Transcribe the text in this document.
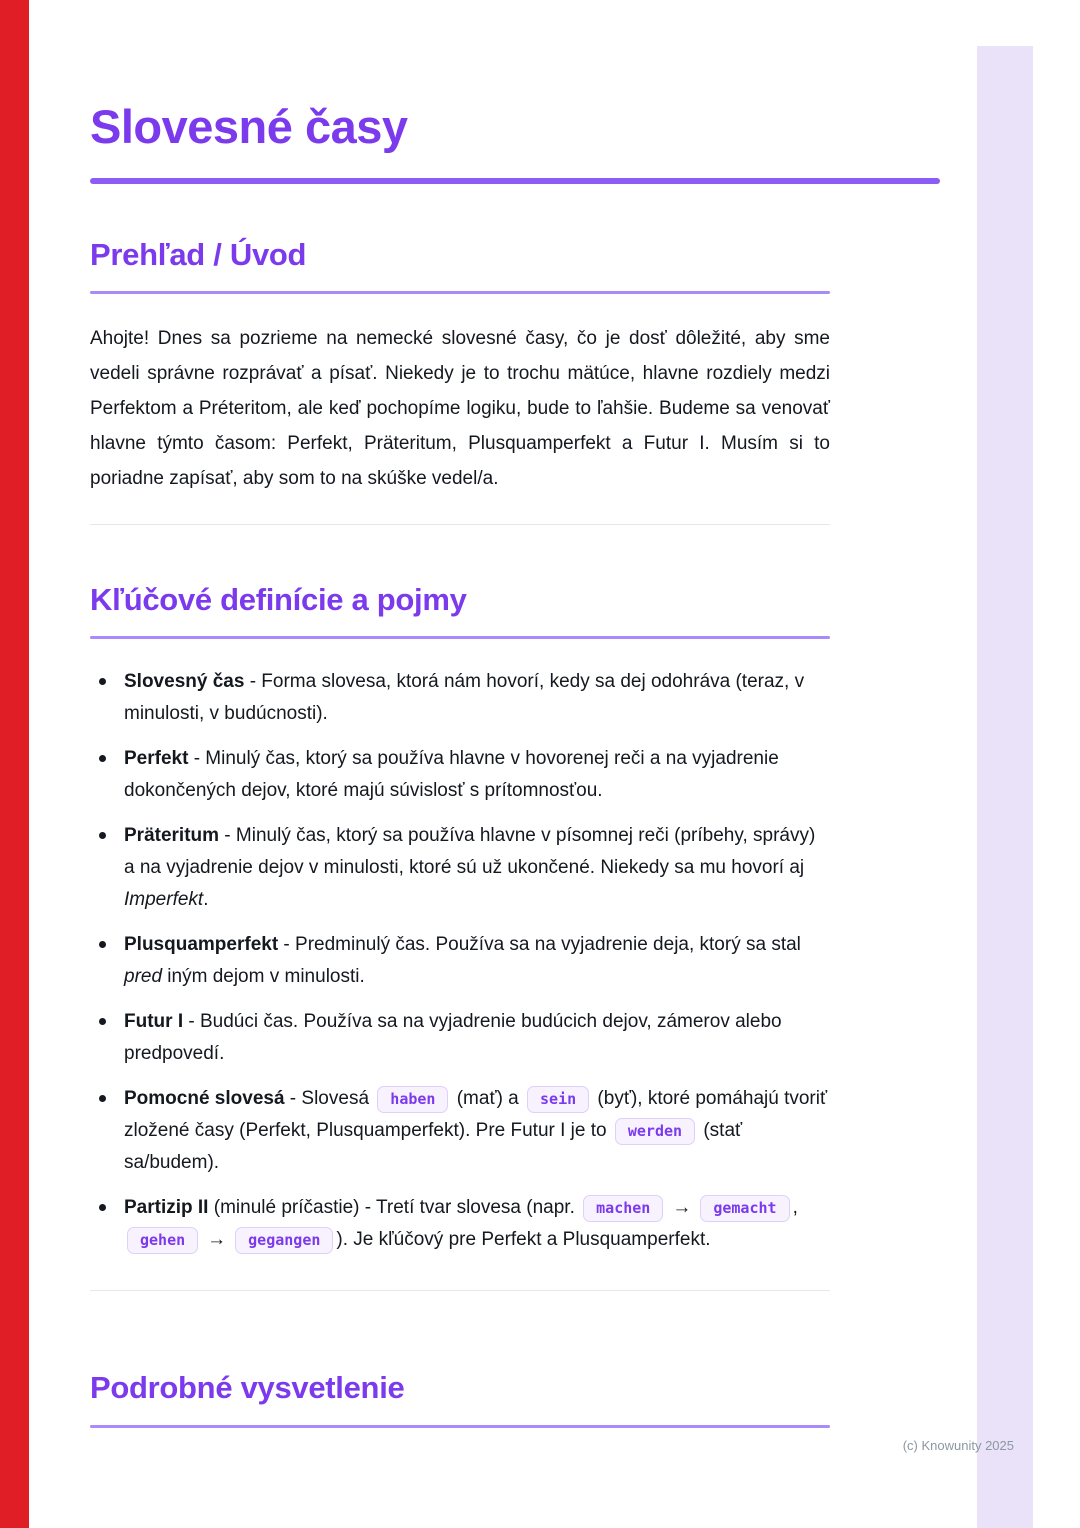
Slovesné časy
Prehľad / Úvod

Ahojte! Dnes sa pozrieme na nemecké slovesné časy, čo je dosť dôležité, aby sme vedeli správne rozprávať a písať. Niekedy je to trochu mätúce, hlavne rozdiely medzi Perfektom a Préteritom, ale keď pochopíme logiku, bude to ľahšie. Budeme sa venovať hlavne týmto časom: Perfekt, Präteritum, Plusquamperfekt a Futur I. Musím si to poriadne zapísať, aby som to na skúške vedel/a.

Kľúčové definície a pojmy
Slovesný čas - Forma slovesa, ktorá nám hovorí, kedy sa dej odohráva (teraz, v minulosti, v budúcnosti).
Perfekt - Minulý čas, ktorý sa používa hlavne v hovorenej reči a na vyjadrenie dokončených dejov, ktoré majú súvislosť s prítomnosťou.
Präteritum - Minulý čas, ktorý sa používa hlavne v písomnej reči (príbehy, správy) a na vyjadrenie dejov v minulosti, ktoré sú už ukončené. Niekedy sa mu hovorí aj Imperfekt.
Plusquamperfekt - Predminulý čas. Používa sa na vyjadrenie deja, ktorý sa stal pred iným dejom v minulosti.
Futur I - Budúci čas. Používa sa na vyjadrenie budúcich dejov, zámerov alebo predpovedí.
Pomocné slovesá - Slovesá haben (mať) a sein (byť), ktoré pomáhajú tvoriť zložené časy (Perfekt, Plusquamperfekt). Pre Futur I je to werden (stať sa/budem).
Partizip II (minulé príčastie) - Tretí tvar slovesa (napr. machen → gemacht , gehen → gegangen ). Je kľúčový pre Perfekt a Plusquamperfekt.
Podrobné vysvetlenie
(c) Knowunity 2025
